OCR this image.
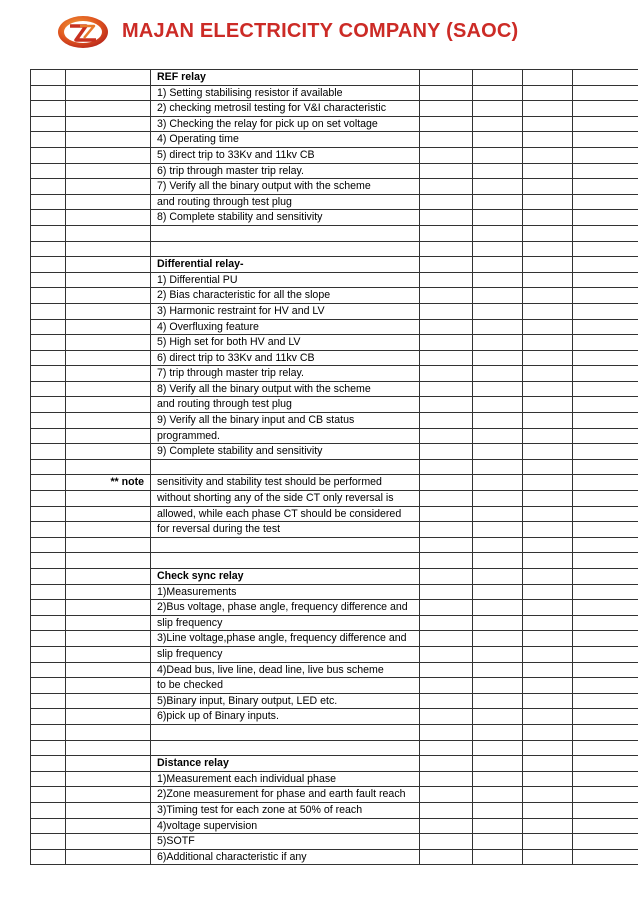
MAJAN ELECTRICITY COMPANY (SAOC)
		REF relay				
		1) Setting stabilising resistor if available				
		2) checking metrosil testing for V&I characteristic				
		3) Checking the relay for pick up on set voltage				
		4) Operating time				
		5) direct trip to 33Kv and 11kv CB				
		6) trip through master trip relay.				
		7) Verify all the binary output with the scheme				
		and routing through test plug				
		8) Complete stability and sensitivity				

		Differential relay-				
		1) Differential PU				
		2) Bias characteristic for all the slope				
		3) Harmonic restraint for HV and LV				
		4) Overfluxing feature				
		5) High set for both HV and LV				
		6) direct trip to 33Kv and 11kv CB				
		7) trip through master trip relay.				
		8) Verify all the binary output with the scheme				
		and routing through test plug				
		9) Verify all the binary input and CB status				
		programmed.				
		9) Complete stability and sensitivity				

	** note	sensitivity and stability test should be performed				
		without shorting any of the side CT only reversal is				
		allowed, while each phase CT should be considered				
		for reversal during the test				

		Check sync relay				
		1)Measurements				
		2)Bus voltage, phase angle, frequency difference and				
		slip frequency				
		3)Line voltage,phase angle, frequency difference and				
		slip frequency				
		4)Dead bus, live line, dead line, live bus scheme				
		to be checked				
		5)Binary input, Binary output, LED etc.				
		6)pick up of Binary inputs.				

		Distance relay				
		1)Measurement each individual phase				
		2)Zone measurement for phase and earth fault reach				
		3)Timing test for each zone at 50% of reach				
		4)voltage supervision				
		5)SOTF				
		6)Additional characteristic if any				
